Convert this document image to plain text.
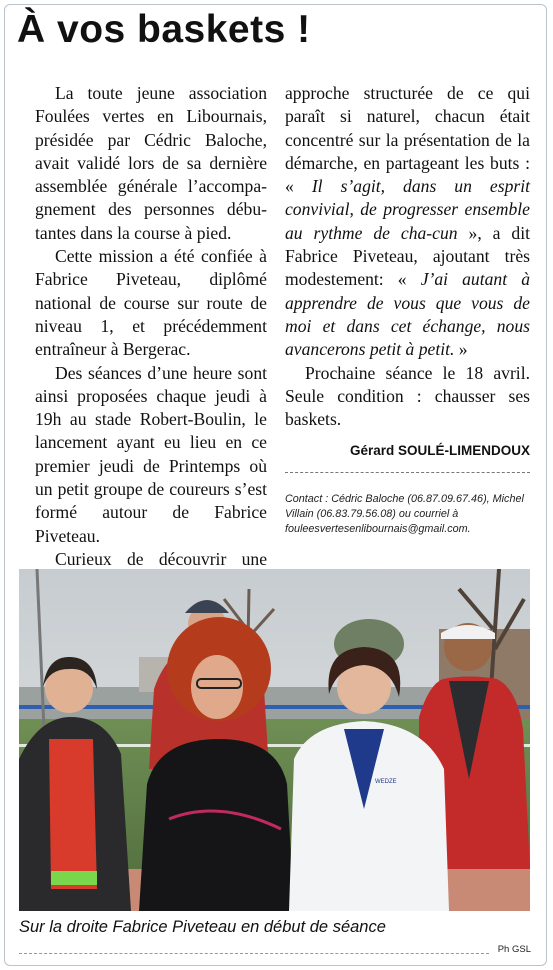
À vos baskets !

La toute jeune association Foulées vertes en Libournais, présidée par Cédric Baloche, avait validé lors de sa dernière assemblée générale l’accompa-gnement des personnes débu-tantes dans la course à pied.

Cette mission a été confiée à Fabrice Piveteau, diplômé national de course sur route de niveau 1, et précédemment entraîneur à Bergerac.

Des séances d’une heure sont ainsi proposées chaque jeudi à 19h au stade Robert-Boulin, le lancement ayant eu lieu en ce premier jeudi de Printemps où un petit groupe de coureurs s’est formé autour de Fabrice Piveteau.

Curieux de découvrir une

approche structurée de ce qui paraît si naturel, chacun était concentré sur la présentation de la démarche, en partageant les buts : « Il s’agit, dans un esprit convivial, de progresser ensemble au rythme de cha-cun », a dit Fabrice Piveteau, ajoutant très modestement: « J’ai autant à apprendre de vous que vous de moi et dans cet échange, nous avancerons petit à petit. »

Prochaine séance le 18 avril. Seule condition : chausser ses baskets.

Gérard SOULÉ-LIMENDOUX

Contact : Cédric Baloche (06.87.09.67.46), Michel Villain (06.83.79.56.08) ou courriel à fouleesvertesenlibournais@gmail.com.
WEDZE
Sur la droite Fabrice Piveteau en début de séance
Ph GSL
